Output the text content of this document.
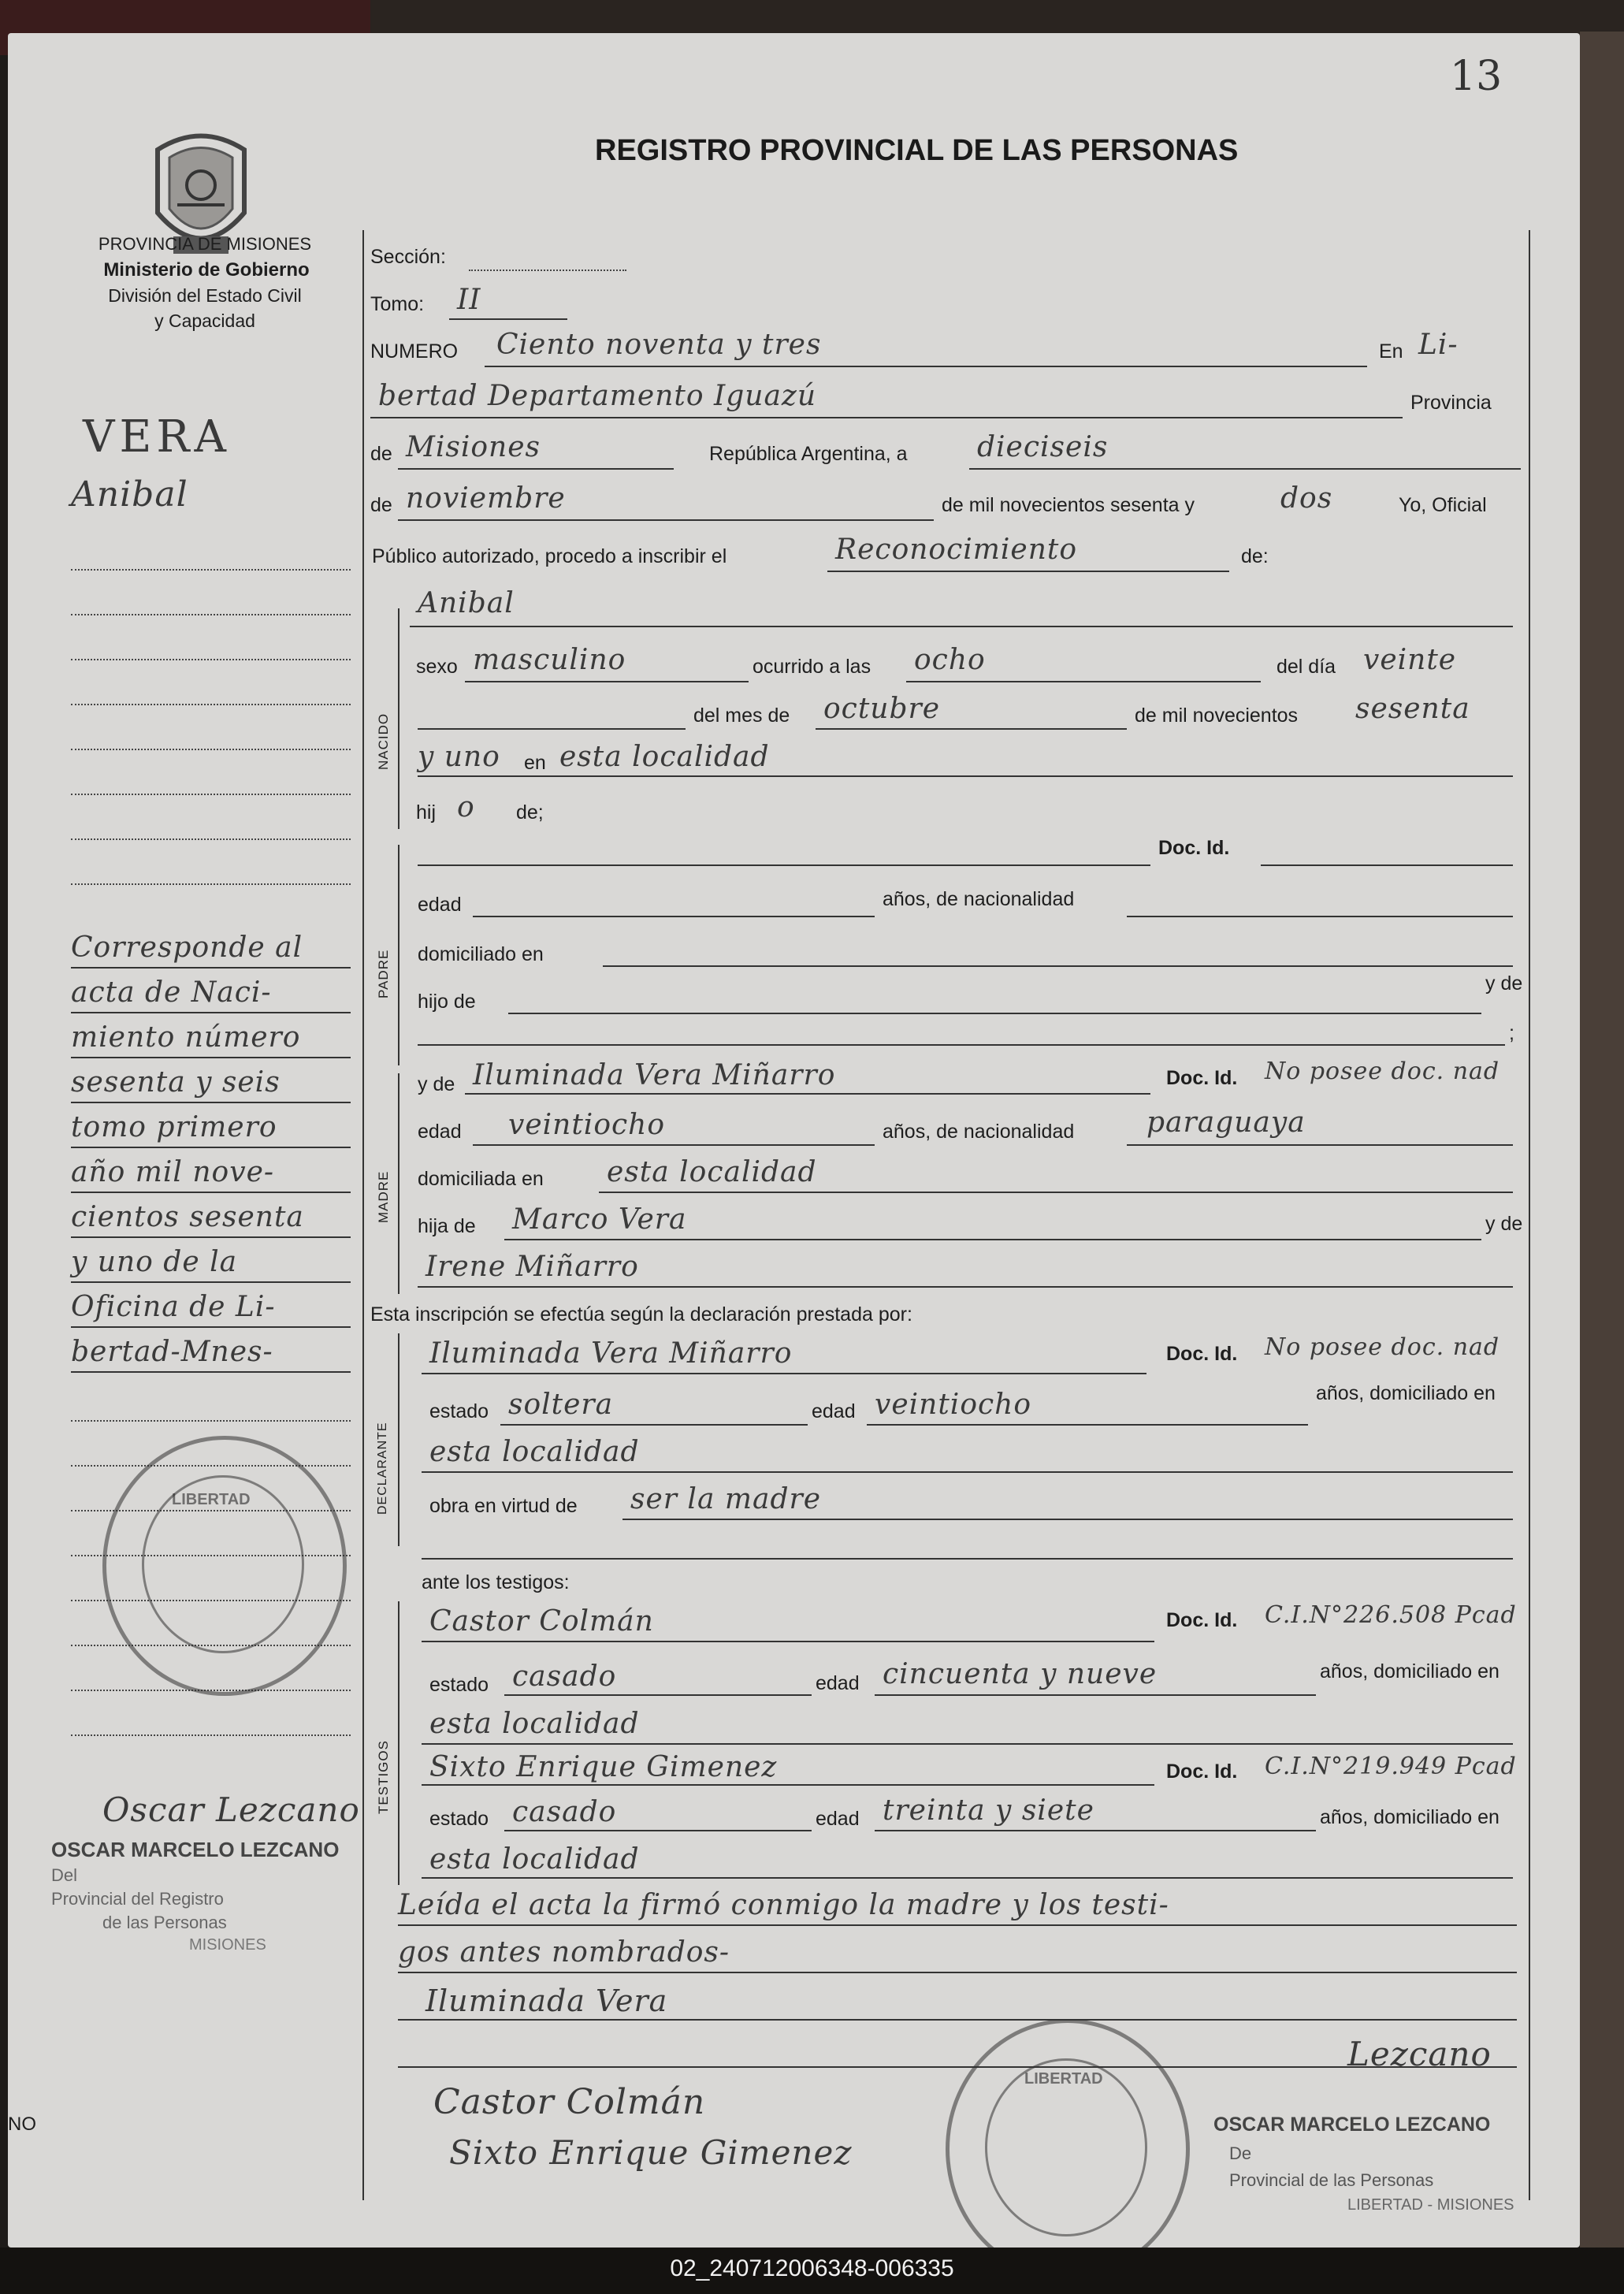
13
REGISTRO PROVINCIAL DE LAS PERSONAS
PROVINCIA DE MISIONES
Ministerio de Gobierno
División del Estado Civil
y Capacidad
VERA
Anibal
Corresponde al
acta de Naci-
miento número
sesenta y seis
tomo primero
año mil nove-
cientos sesenta
y uno de la
Oficina de Li-
bertad-Mnes-
LIBERTAD
Oscar Lezcano
OSCAR MARCELO LEZCANO
Del
Provincial del Registro
de las Personas
MISIONES
NO
Sección:
Tomo: II
NUMERO Ciento noventa y tres	En Li-
bertad Departamento Iguazú	Provincia
de Misiones	República Argentina, a dieciseis
de noviembre	de mil novecientos sesenta y	dos	Yo, Oficial
Público autorizado, procedo a inscribir el	Reconocimiento	de:
NACIDO
PADRE
MADRE
DECLARANTE
TESTIGOS
Anibal
sexo masculino	ocurrido a las ocho	del día veinte
del mes de octubre	de mil novecientos sesenta
y uno en esta localidad
hij o de;
Doc. Id.
edad	años, de nacionalidad
domiciliado en
hijo de
y de
;
y de Iluminada Vera Miñarro	Doc. Id. No posee doc. nad
edad veintiocho	años, de nacionalidad	paraguaya
domiciliada en esta localidad
hija de Marco Vera	y de
Irene Miñarro
Esta inscripción se efectúa según la declaración prestada por:
Iluminada Vera Miñarro	Doc. Id. No posee doc. nad
estado soltera	edad veintiocho	años, domiciliado en
esta localidad
obra en virtud de ser la madre
ante los testigos:
Castor Colmán	Doc. Id. C.I.N°226.508 Pcad
estado casado	edad cincuenta y nueve	años, domiciliado en
esta localidad
Sixto Enrique Gimenez	Doc. Id. C.I.N°219.949 Pcad
estado casado	edad treinta y siete	años, domiciliado en
esta localidad
Leída el acta la firmó conmigo la madre y los testi-
gos antes nombrados-
Iluminada Vera
Castor Colmán
Sixto Enrique Gimenez
LIBERTAD
Lezcano
OSCAR MARCELO LEZCANO
De
Provincial de las Personas
LIBERTAD - MISIONES
02_240712006348-006335
